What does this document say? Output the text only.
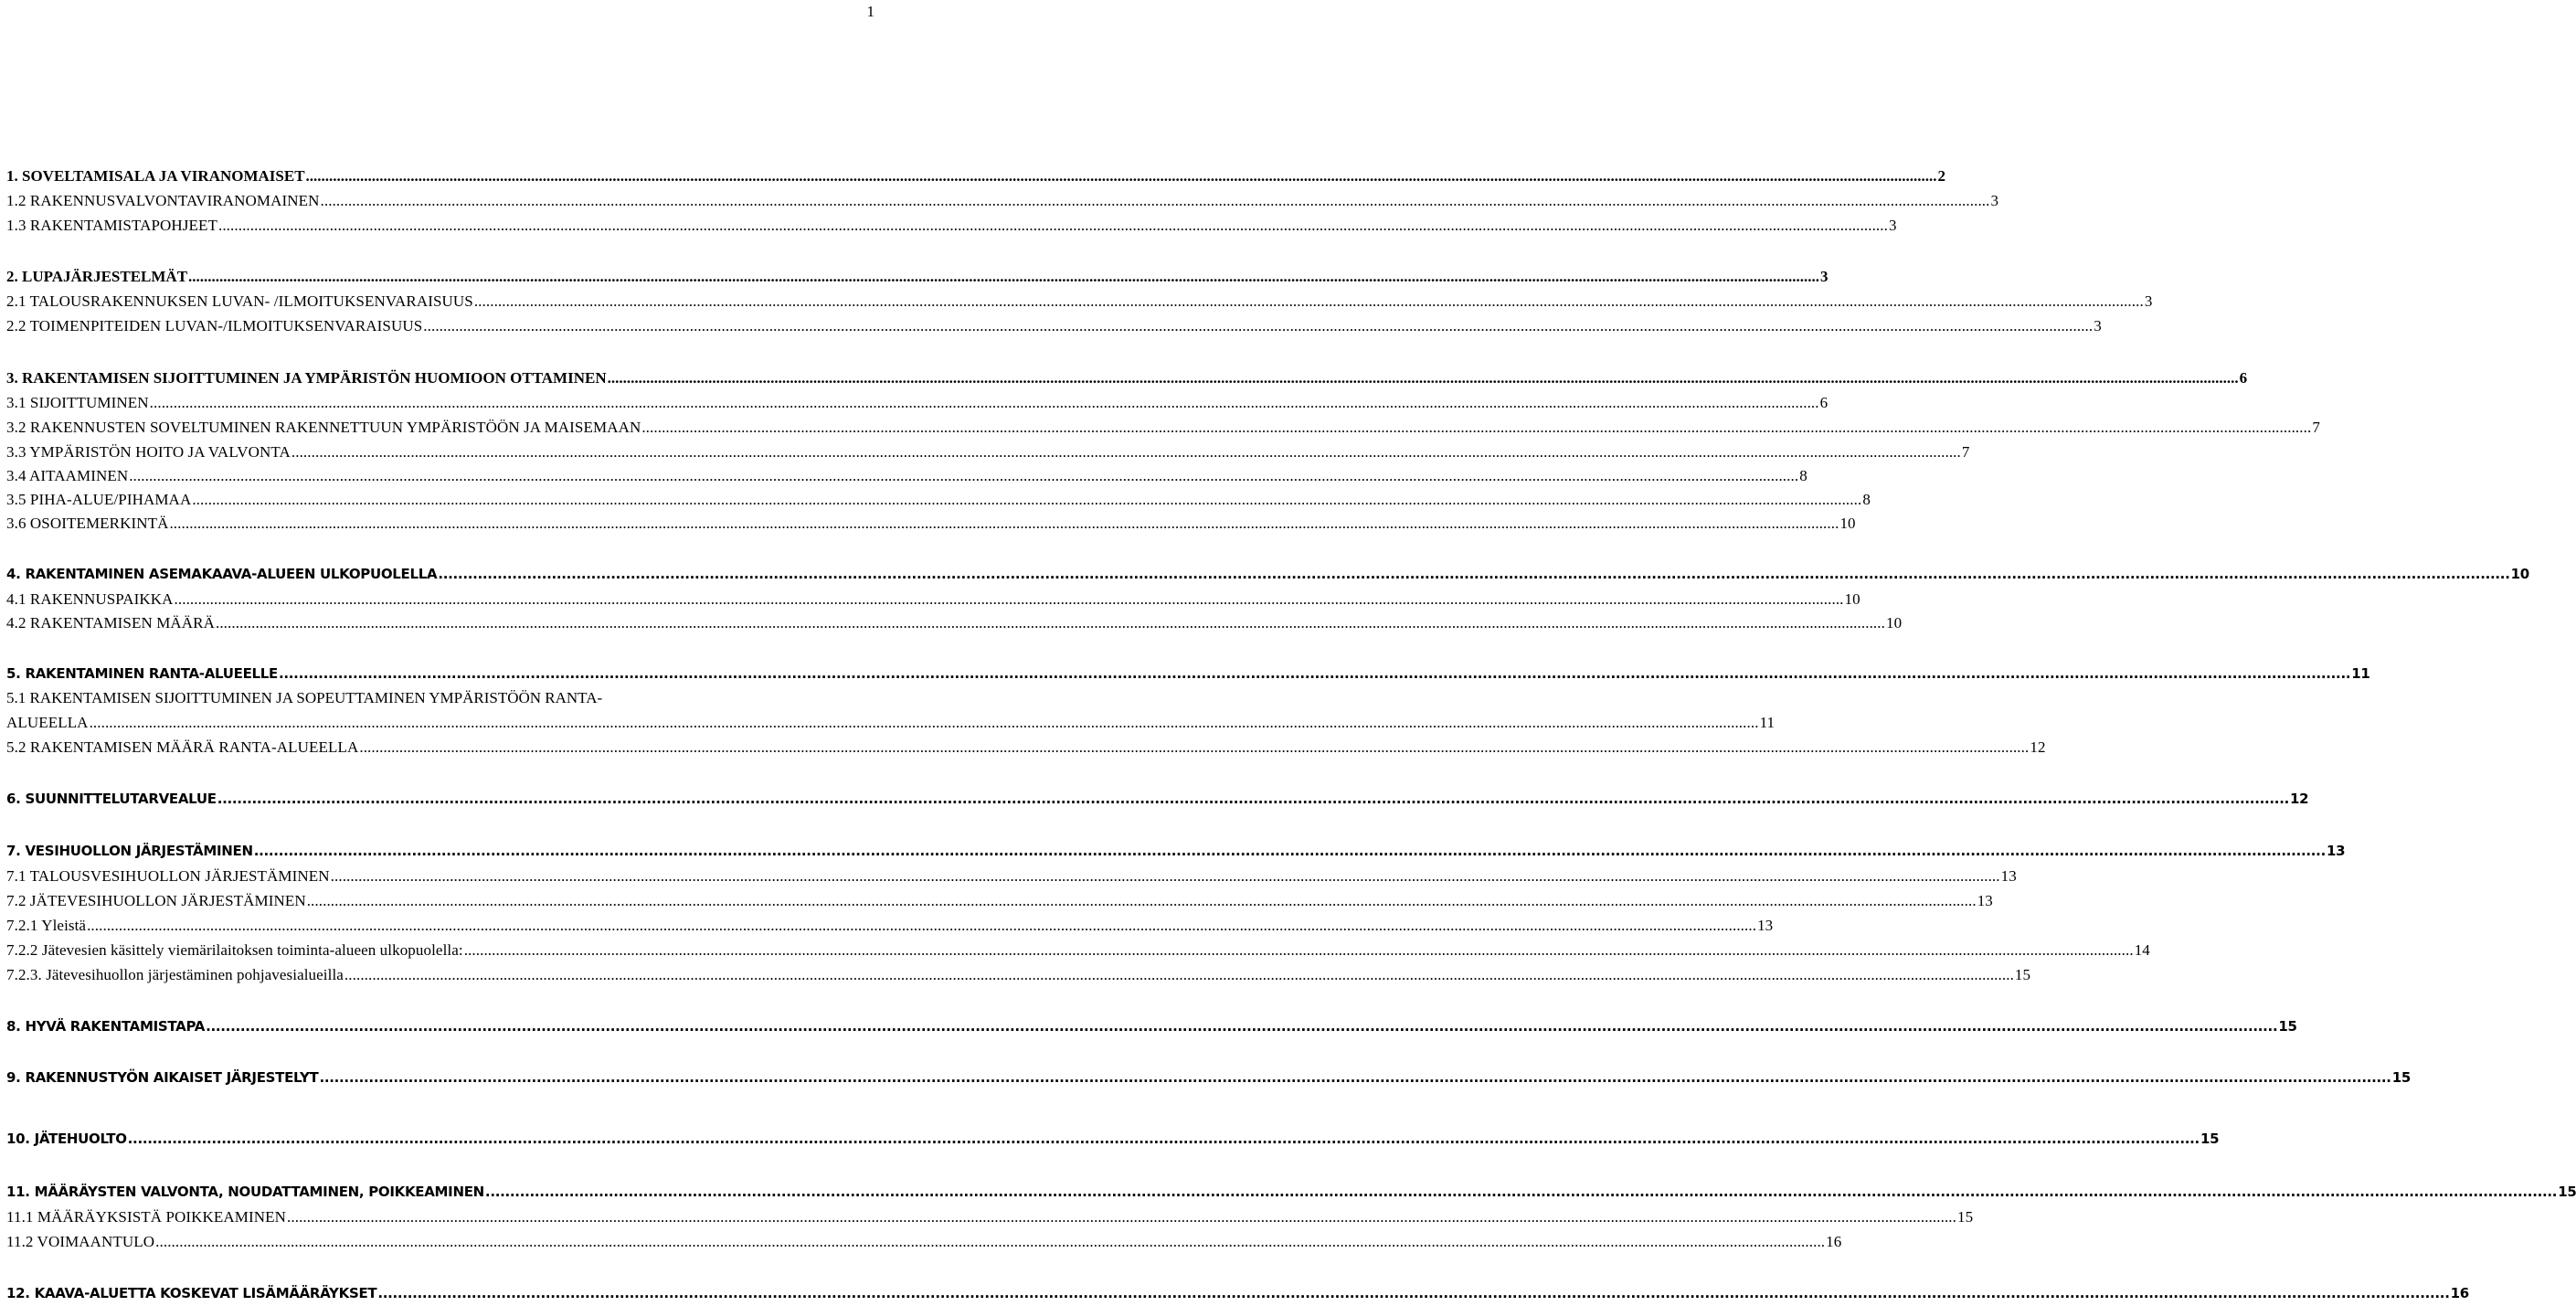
1
1. SOVELTAMISALA JA VIRANOMAISET .....	2
1.2 RAKENNUSVALVONTAVIRANOMAINEN .....	3
1.3 RAKENTAMISTAPOHJEET .....	3
2. LUPAJÄRJESTELMÄT .....	3
2.1 TALOUSRAKENNUKSEN LUVAN- /ILMOITUKSENVARAISUUS .....	3
2.2 TOIMENPITEIDEN LUVAN-/ILMOITUKSENVARAISUUS .....	3
3. RAKENTAMISEN SIJOITTUMINEN JA YMPÄRISTÖN HUOMIOON OTTAMINEN .....	6
3.1 SIJOITTUMINEN .....	6
3.2 RAKENNUSTEN SOVELTUMINEN RAKENNETTUUN YMPÄRISTÖÖN JA MAISEMAAN .....	7
3.3 YMPÄRISTÖN HOITO JA VALVONTA .....	7
3.4 AITAAMINEN .....	8
3.5 PIHA-ALUE/PIHAMAA .....	8
3.6 OSOITEMERKINTÄ .....	10
4. RAKENTAMINEN ASEMAKAAVA-ALUEEN ULKOPUOLELLA .....	10
4.1 RAKENNUSPAIKKA .....	10
4.2 RAKENTAMISEN MÄÄRÄ .....	10
5. RAKENTAMINEN RANTA-ALUEELLE .....	11
5.1 RAKENTAMISEN SIJOITTUMINEN JA SOPEUTTAMINEN YMPÄRISTÖÖN RANTA-
ALUEELLA .....	11
5.2 RAKENTAMISEN MÄÄRÄ RANTA-ALUEELLA .....	12
6. SUUNNITTELUTARVEALUE .....	12
7. VESIHUOLLON JÄRJESTÄMINEN .....	13
7.1 TALOUSVESIHUOLLON JÄRJESTÄMINEN .....	13
7.2 JÄTEVESIHUOLLON JÄRJESTÄMINEN .....	13
7.2.1 Yleistä .....	13
7.2.2 Jätevesien käsittely viemärilaitoksen toiminta-alueen ulkopuolella: .....	14
7.2.3. Jätevesihuollon järjestäminen pohjavesialueilla .....	15
8. HYVÄ RAKENTAMISTAPA .....	15
9. RAKENNUSTYÖN AIKAISET JÄRJESTELYT .....	15
10. JÄTEHUOLTO .....	15
11. MÄÄRÄYSTEN VALVONTA, NOUDATTAMINEN, POIKKEAMINEN .....	15
11.1 MÄÄRÄYKSISTÄ POIKKEAMINEN .....	15
11.2 VOIMAANTULO .....	16
12. KAAVA-ALUETTA KOSKEVAT LISÄMÄÄRÄYKSET .....	16
